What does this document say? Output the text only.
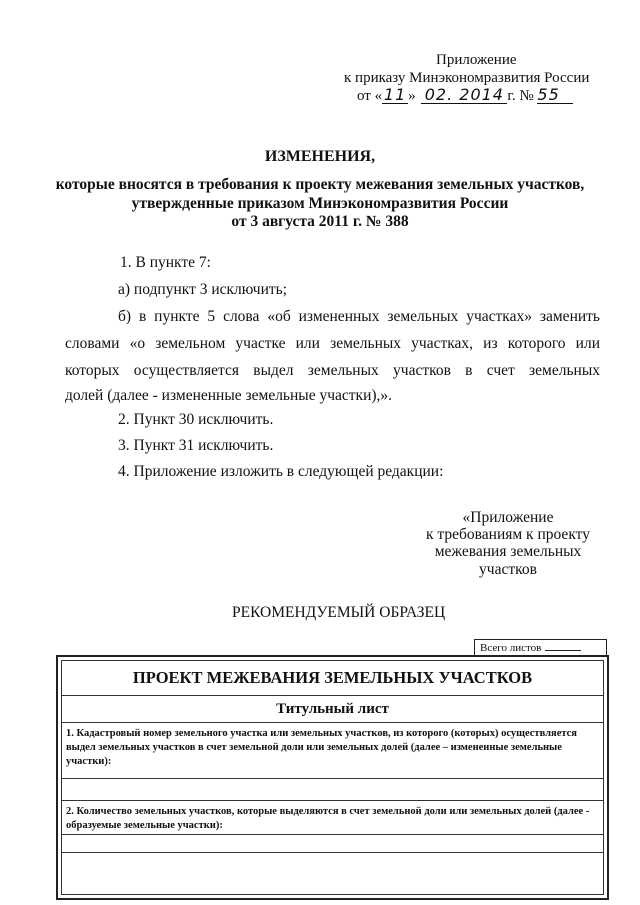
Приложение
к приказу Минэкономразвития России
от « 11 » 02. 2014 г. № 55
ИЗМЕНЕНИЯ,
которые вносятся в требования к проекту межевания земельных участков,
утвержденные приказом Минэкономразвития России
от 3 августа 2011 г. № 388
1. В пункте 7:
а) подпункт 3 исключить;
б) в пункте 5 слова «об измененных земельных участках» заменить
словами «о земельном участке или земельных участках, из которого или
которых осуществляется выдел земельных участков в счет земельных
долей (далее - измененные земельные участки),».
2. Пункт 30 исключить.
3. Пункт 31 исключить.
4. Приложение изложить в следующей редакции:
«Приложение
к требованиям к проекту
межевания земельных
участков
РЕКОМЕНДУЕМЫЙ ОБРАЗЕЦ
Всего листов
ПРОЕКТ МЕЖЕВАНИЯ ЗЕМЕЛЬНЫХ УЧАСТКОВ
Титульный лист
1. Кадастровый номер земельного участка или земельных участков, из которого (которых) осуществляется выдел земельных участков в счет земельной доли или земельных долей (далее – измененные земельные участки):
2. Количество земельных участков, которые выделяются в счет земельной доли или земельных долей (далее - образуемые земельные участки):
